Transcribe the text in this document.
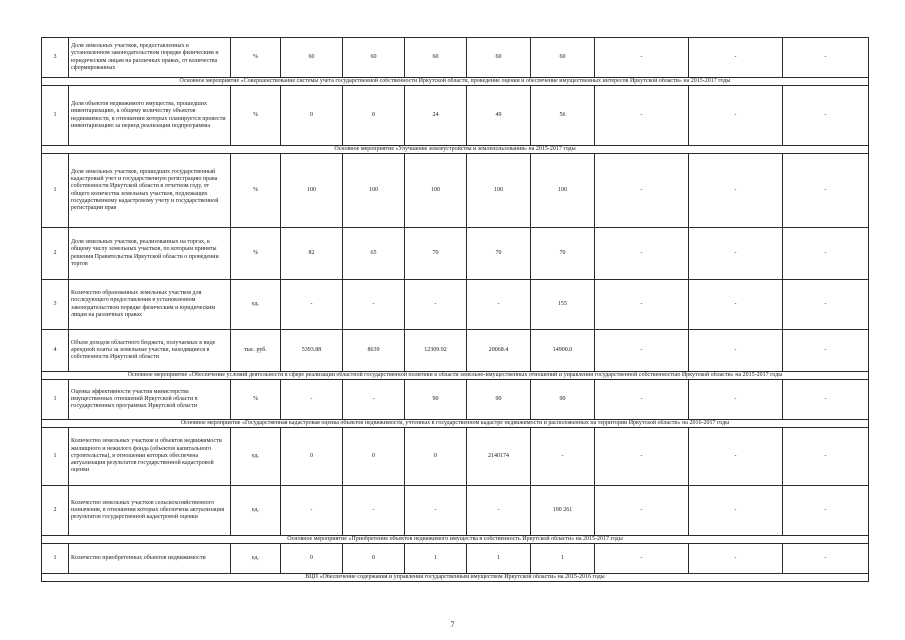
3	Доля земельных участков, предоставленных в установленном законодательством порядке физическим и юридическим лицам на различных правах, от количества сформированных	%	60	60	60	60	60	-	-	-
Основное мероприятие «Совершенствование системы учета государственной собственности Иркутской области, проведение оценки и обеспечение имущественных интересов Иркутской области» на 2015-2017 годы										
1	Доля объектов недвижимого имущества, прошедших инвентаризацию, к общему количеству объектов недвижимости, в отношении которых планируется провести инвентаризацию за период реализации подпрограммы	%	0	0	24	49	56	-	-	-
Основное мероприятие «Улучшение землеустройства и землепользования» на 2015-2017 годы										
1	Доля земельных участков, прошедших государственный кадастровый учет и государственную регистрацию права собственности Иркутской области в отчетном году, от общего количества земельных участков, подлежащих государственному кадастровому учету и государственной регистрации прав	%	100	100	100	100	100	-	-	-
2	Доля земельных участков, реализованных на торгах, к общему числу земельных участков, по которым приняты решения Правительства Иркутской области о проведении торгов	%	82	65	70	70	70	-	-	-
3	Количество образованных земельных участков для последующего предоставления в установленном законодательством порядке физическим и юридическим лицам на различных правах	ед.	-	-	-	-	155	-	-	-
4	Объем доходов областного бюджета, получаемых в виде арендной платы за земельные участки, находящиеся в собственности Иркутской области	тыс. руб.	5393.88	8639	12309.92	20068.4	14900.0	-	-	-
Основное мероприятие «Обеспечение условий деятельности в сфере реализации областной государственной политики в области земельно-имущественных отношений и управления государственной собственностью Иркутской области» на 2015-2017 годы										
1	Оценка эффективности участия министерства имущественных отношений Иркутской области в государственных программах Иркутской области	%	-	-	90	90	90	-	-	-
Основное мероприятие «Государственная кадастровая оценка объектов недвижимости, учтенных в государственном кадастре недвижимости и расположенных на территории Иркутской области» на 2016-2017 годы										
1	Количество земельных участков и объектов недвижимости жилищного и нежилого фонда (объектов капитального строительства), в отношении которых обеспечена актуализация результатов государственной кадастровой оценки	ед.	0	0	0	2140174	-	-	-	-
2	Количество земельных участков сельскохозяйственного назначения, в отношении которых обеспечена актуализация результатов государственной кадастровой оценки	ед.	-	-	-	-	190 261	-	-	-
Основное мероприятие «Приобретение объектов недвижимого имущества в собственность Иркутской области» на 2015-2017 годы										
1	Количество приобретенных объектов недвижимости	ед.	0	0	1	1	1	-	-	-
ВЦП «Обеспечение содержания и управления государственным имуществом Иркутской области» на 2015-2016 годы										
7
